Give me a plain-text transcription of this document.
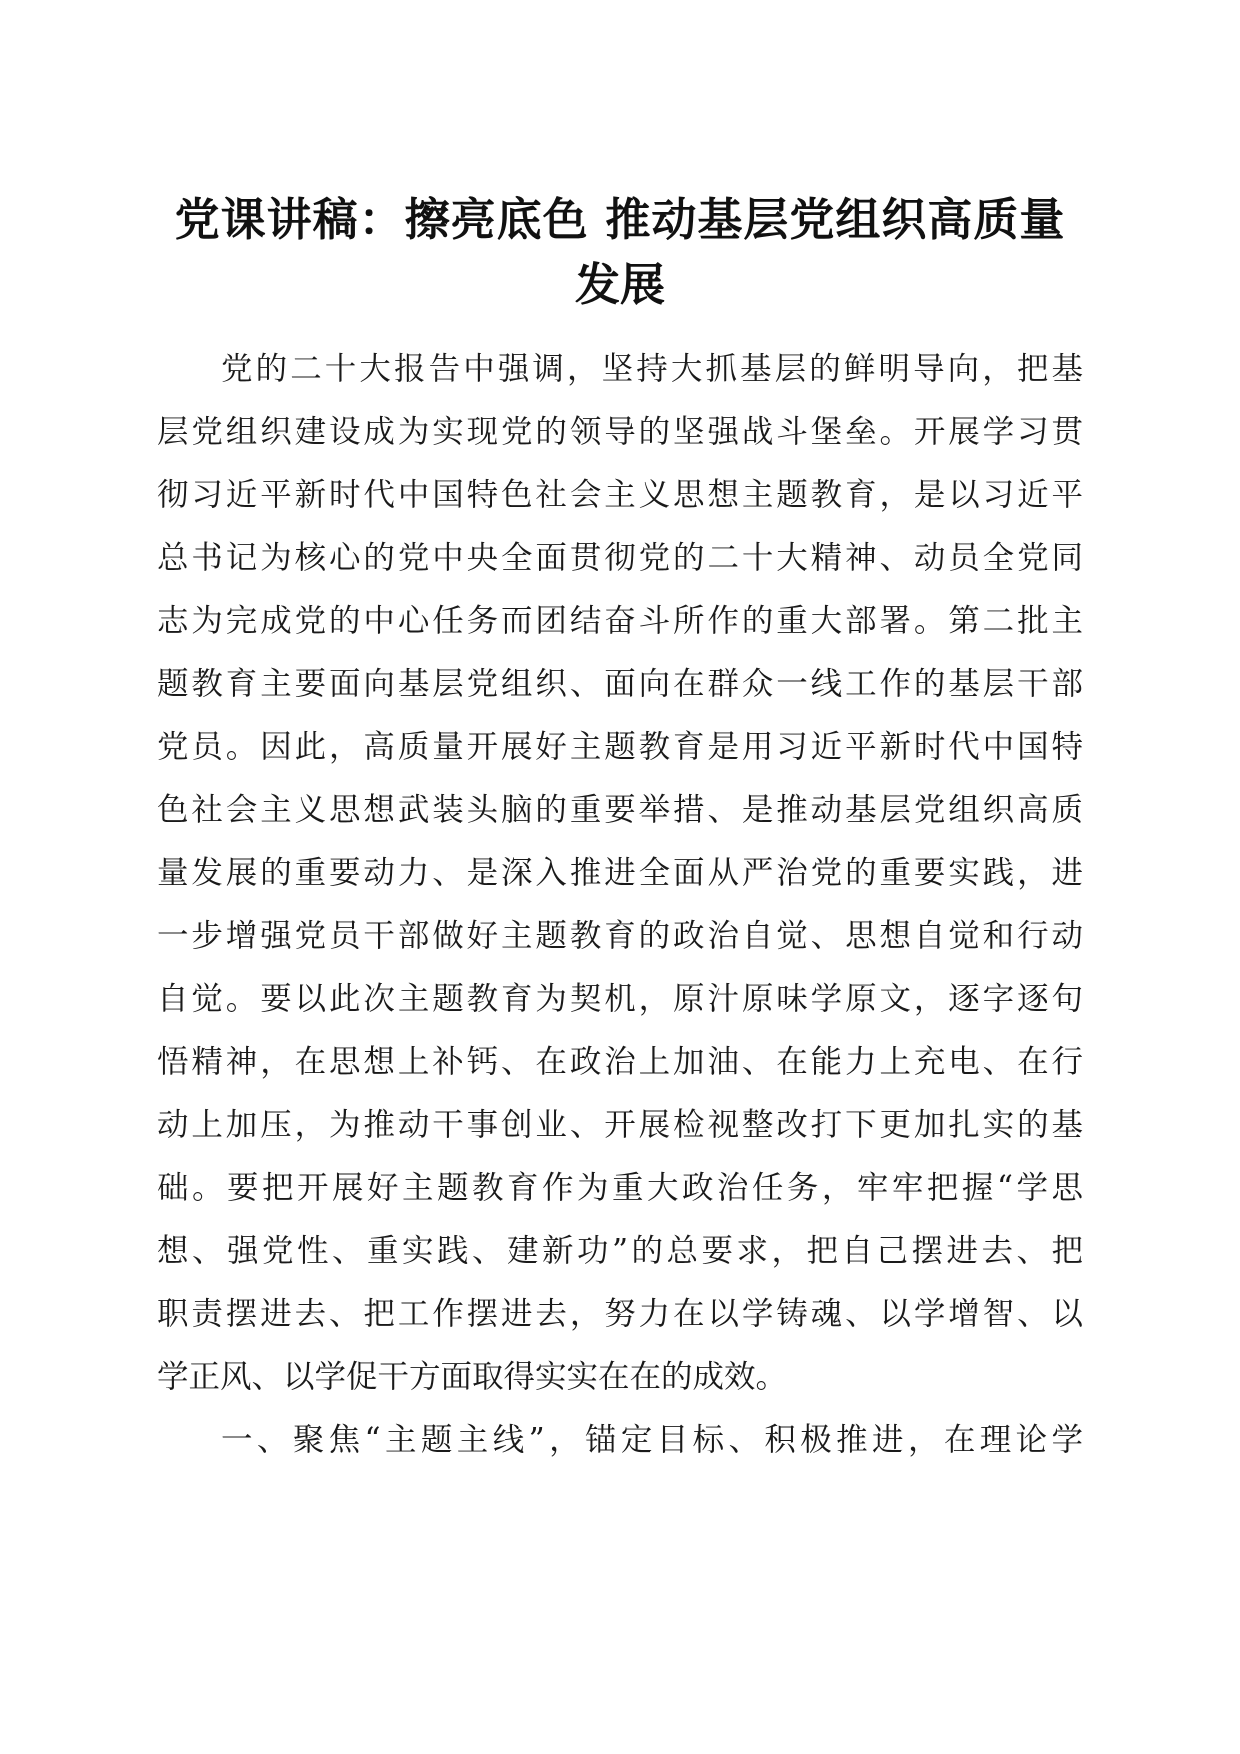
党课讲稿：擦亮底色 推动基层党组织高质量
发展

党的二十大报告中强调，坚持大抓基层的鲜明导向，把基

层党组织建设成为实现党的领导的坚强战斗堡垒。开展学习贯

彻习近平新时代中国特色社会主义思想主题教育，是以习近平

总书记为核心的党中央全面贯彻党的二十大精神、动员全党同

志为完成党的中心任务而团结奋斗所作的重大部署。第二批主

题教育主要面向基层党组织、面向在群众一线工作的基层干部

党员。因此，高质量开展好主题教育是用习近平新时代中国特

色社会主义思想武装头脑的重要举措、是推动基层党组织高质

量发展的重要动力、是深入推进全面从严治党的重要实践，进

一步增强党员干部做好主题教育的政治自觉、思想自觉和行动

自觉。要以此次主题教育为契机，原汁原味学原文，逐字逐句

悟精神，在思想上补钙、在政治上加油、在能力上充电、在行

动上加压，为推动干事创业、开展检视整改打下更加扎实的基

础。要把开展好主题教育作为重大政治任务，牢牢把握“学思

想、强党性、重实践、建新功”的总要求，把自己摆进去、把

职责摆进去、把工作摆进去，努力在以学铸魂、以学增智、以

学正风、以学促干方面取得实实在在的成效。

一、聚焦“主题主线”，锚定目标、积极推进，在理论学
